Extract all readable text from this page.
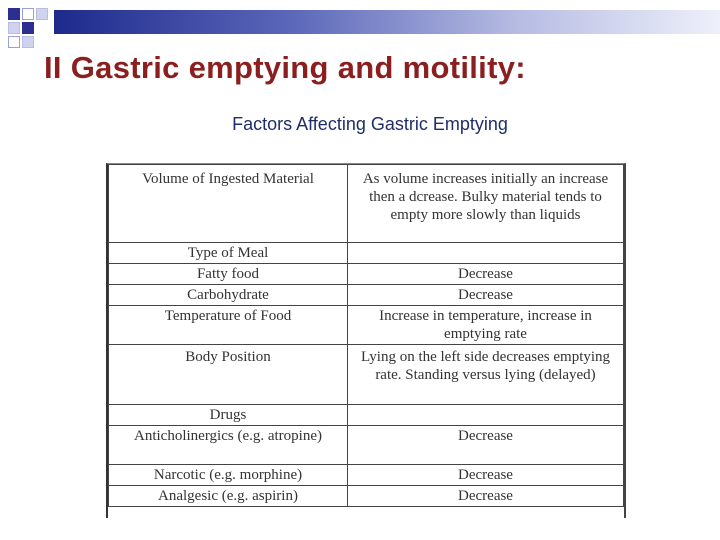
II Gastric emptying and motility:
Factors Affecting Gastric Emptying
Volume of Ingested Material	As volume increases initially an increase then a dcrease. Bulky material tends to empty more slowly than liquids
Type of Meal	
Fatty food	Decrease
Carbohydrate	Decrease
Temperature of Food	Increase in temperature, increase in emptying rate
Body Position	Lying on the left side decreases emptying rate. Standing versus lying (delayed)
Drugs	
Anticholinergics (e.g. atropine)	Decrease
Narcotic (e.g. morphine)	Decrease
Analgesic (e.g. aspirin)	Decrease
